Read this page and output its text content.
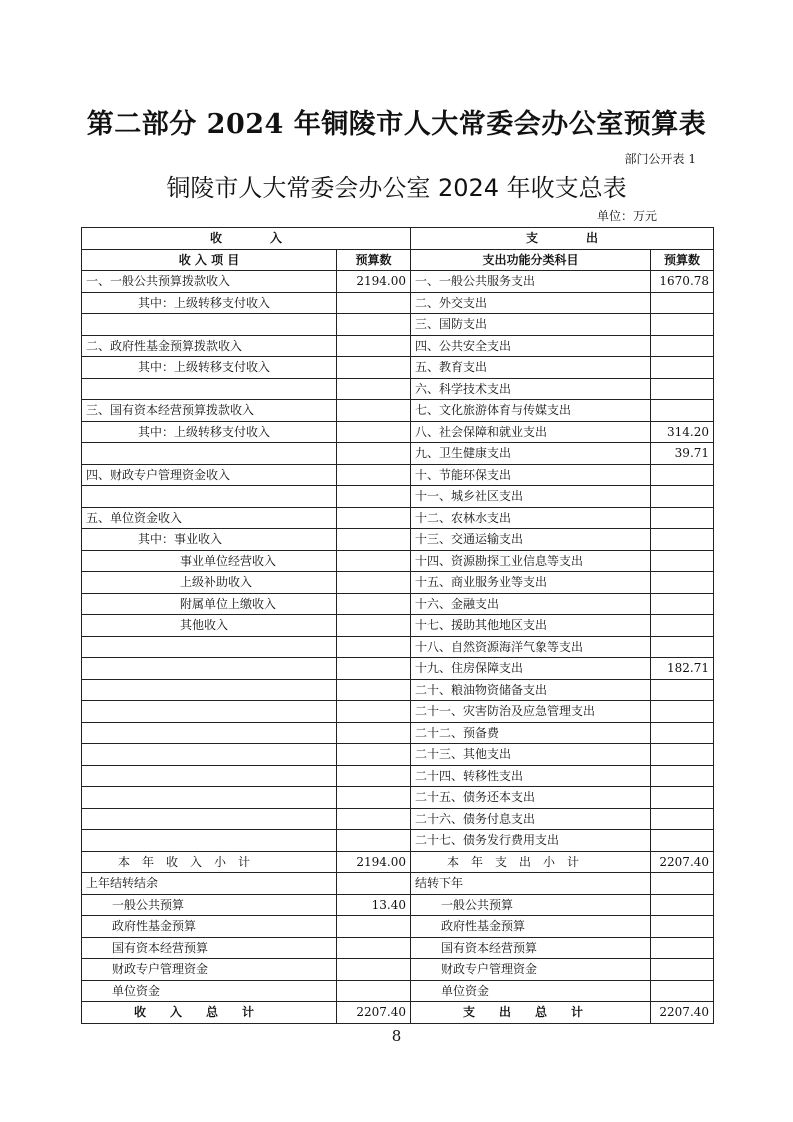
第二部分 2024 年铜陵市人大常委会办公室预算表
部门公开表 1
铜陵市人大常委会办公室 2024 年收支总表
单位：万元
收　　　　入		支　　　　出	
收 入 项 目	预算数	支出功能分类科目	预算数
一、一般公共预算拨款收入	2194.00	一、一般公共服务支出	1670.78
其中：上级转移支付收入		二、外交支出	
		三、国防支出	
二、政府性基金预算拨款收入		四、公共安全支出	
其中：上级转移支付收入		五、教育支出	
		六、科学技术支出	
三、国有资本经营预算拨款收入		七、文化旅游体育与传媒支出	
其中：上级转移支付收入		八、社会保障和就业支出	314.20
		九、卫生健康支出	39.71
四、财政专户管理资金收入		十、节能环保支出	
		十一、城乡社区支出	
五、单位资金收入		十二、农林水支出	
其中：事业收入		十三、交通运输支出	
事业单位经营收入		十四、资源勘探工业信息等支出	
上级补助收入		十五、商业服务业等支出	
附属单位上缴收入		十六、金融支出	
其他收入		十七、援助其他地区支出	
		十八、自然资源海洋气象等支出	
		十九、住房保障支出	182.71
		二十、粮油物资储备支出	
		二十一、灾害防治及应急管理支出	
		二十二、预备费	
		二十三、其他支出	
		二十四、转移性支出	
		二十五、债务还本支出	
		二十六、债务付息支出	
		二十七、债务发行费用支出	
本　年　收　入　小　计	2194.00	本　年　支　出　小　计	2207.40
上年结转结余		结转下年	
一般公共预算	13.40	一般公共预算	
政府性基金预算		政府性基金预算	
国有资本经营预算		国有资本经营预算	
财政专户管理资金		财政专户管理资金	
单位资金		单位资金	
收　　入　　总　　计	2207.40	支　　出　　总　　计	2207.40
8
